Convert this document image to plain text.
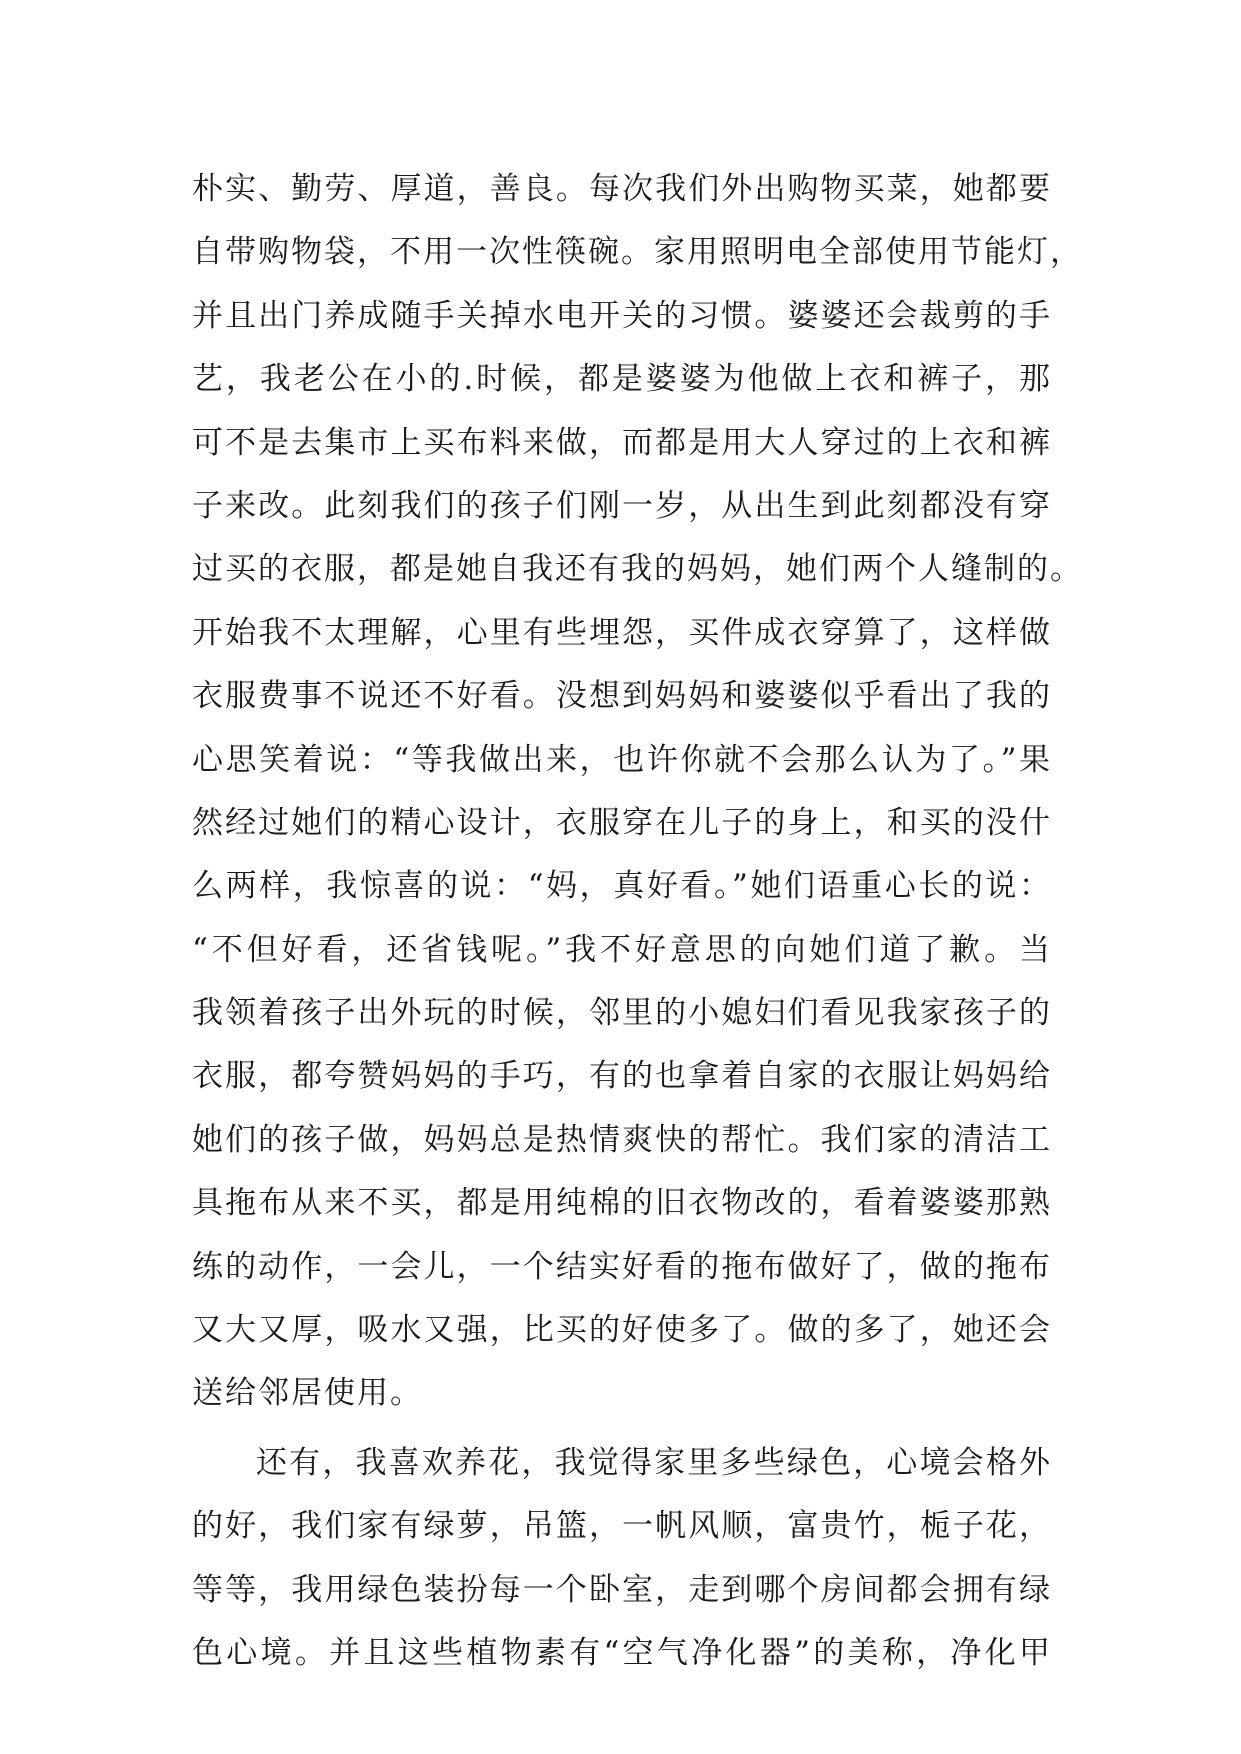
朴实、勤劳、厚道，善良。每次我们外出购物买菜，她都要
自带购物袋，不用一次性筷碗。家用照明电全部使用节能灯，
并且出门养成随手关掉水电开关的习惯。婆婆还会裁剪的手
艺，我老公在小的.时候，都是婆婆为他做上衣和裤子，那
可不是去集市上买布料来做，而都是用大人穿过的上衣和裤
子来改。此刻我们的孩子们刚一岁，从出生到此刻都没有穿
过买的衣服，都是她自我还有我的妈妈，她们两个人缝制的。
开始我不太理解，心里有些埋怨，买件成衣穿算了，这样做
衣服费事不说还不好看。没想到妈妈和婆婆似乎看出了我的
心思笑着说：“等我做出来，也许你就不会那么认为了。”果
然经过她们的精心设计，衣服穿在儿子的身上，和买的没什
么两样，我惊喜的说：“妈，真好看。”她们语重心长的说：
“不但好看，还省钱呢。”我不好意思的向她们道了歉。当
我领着孩子出外玩的时候，邻里的小媳妇们看见我家孩子的
衣服，都夸赞妈妈的手巧，有的也拿着自家的衣服让妈妈给
她们的孩子做，妈妈总是热情爽快的帮忙。我们家的清洁工
具拖布从来不买，都是用纯棉的旧衣物改的，看着婆婆那熟
练的动作，一会儿，一个结实好看的拖布做好了，做的拖布
又大又厚，吸水又强，比买的好使多了。做的多了，她还会
送给邻居使用。
还有，我喜欢养花，我觉得家里多些绿色，心境会格外
的好，我们家有绿萝，吊篮，一帆风顺，富贵竹，栀子花，
等等，我用绿色装扮每一个卧室，走到哪个房间都会拥有绿
色心境。并且这些植物素有“空气净化器”的美称，净化甲
